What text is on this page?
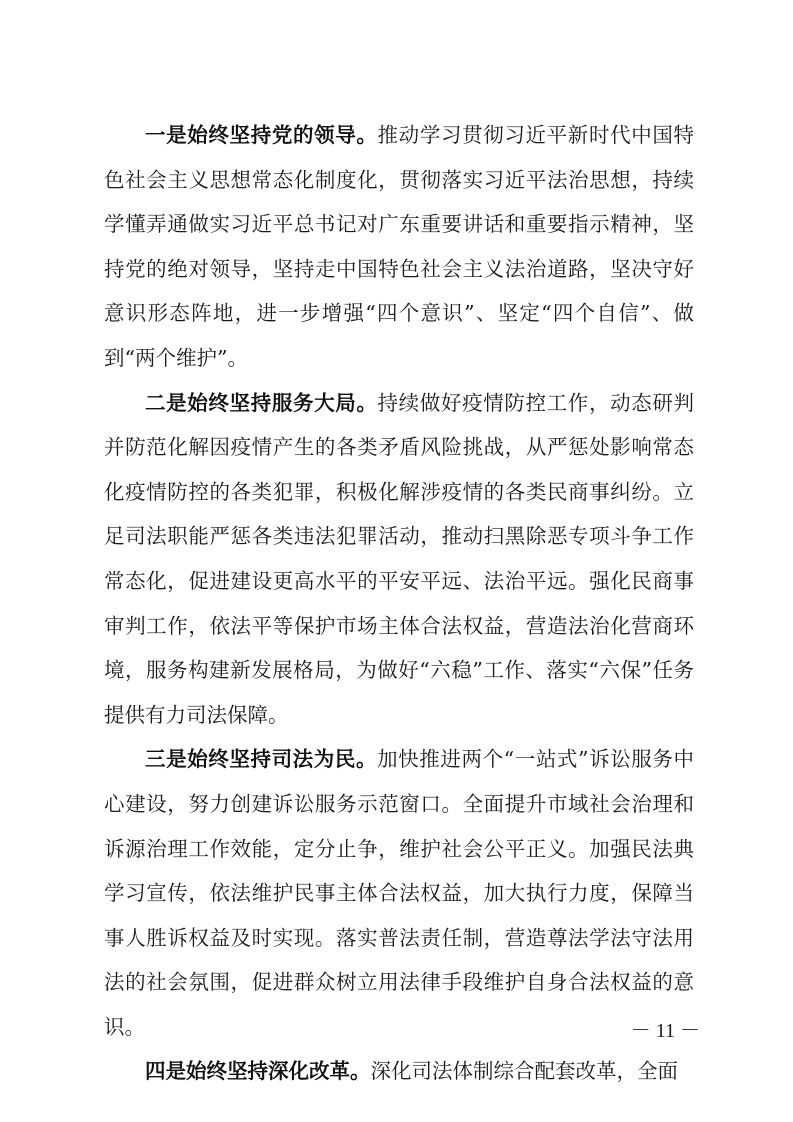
一是始终坚持党的领导。推动学习贯彻习近平新时代中国特色社会主义思想常态化制度化，贯彻落实习近平法治思想，持续学懂弄通做实习近平总书记对广东重要讲话和重要指示精神，坚持党的绝对领导，坚持走中国特色社会主义法治道路，坚决守好意识形态阵地，进一步增强“四个意识”、坚定“四个自信”、做到“两个维护”。

二是始终坚持服务大局。持续做好疫情防控工作，动态研判并防范化解因疫情产生的各类矛盾风险挑战，从严惩处影响常态化疫情防控的各类犯罪，积极化解涉疫情的各类民商事纠纷。立足司法职能严惩各类违法犯罪活动，推动扫黑除恶专项斗争工作常态化，促进建设更高水平的平安平远、法治平远。强化民商事审判工作，依法平等保护市场主体合法权益，营造法治化营商环境，服务构建新发展格局，为做好“六稳”工作、落实“六保”任务提供有力司法保障。

三是始终坚持司法为民。加快推进两个“一站式”诉讼服务中心建设，努力创建诉讼服务示范窗口。全面提升市域社会治理和诉源治理工作效能，定分止争，维护社会公平正义。加强民法典学习宣传，依法维护民事主体合法权益，加大执行力度，保障当事人胜诉权益及时实现。落实普法责任制，营造尊法学法守法用法的社会氛围，促进群众树立用法律手段维护自身合法权益的意识。

四是始终坚持深化改革。深化司法体制综合配套改革，全面

－ 11 －
